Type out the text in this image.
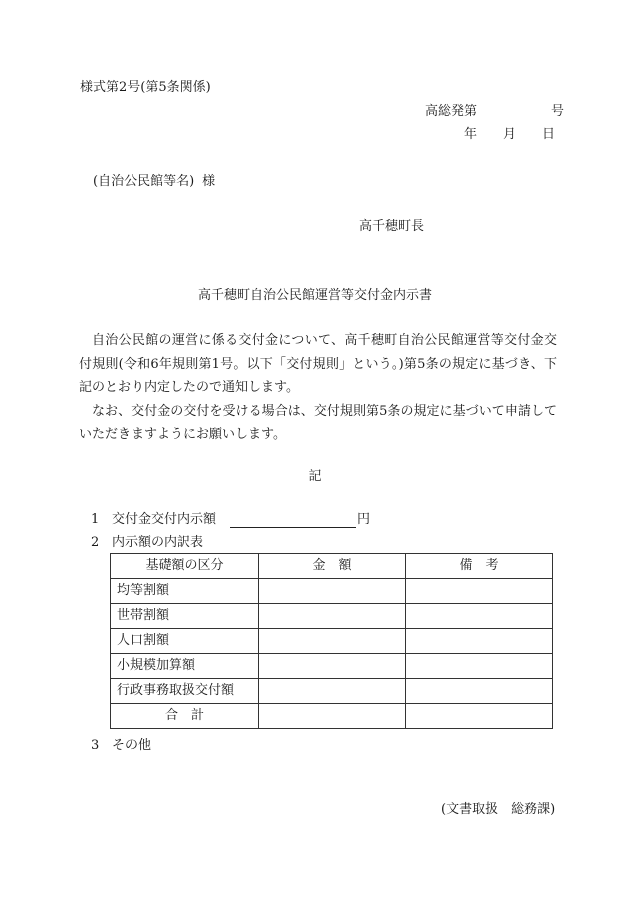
様式第2号(第5条関係)
高総発第	号
年 月 日
(自治公民館等名) 様
高千穂町長
高千穂町自治公民館運営等交付金内示書

自治公民館の運営に係る交付金について、高千穂町自治公民館運営等交付金交付規則(令和6年規則第1号。以下「交付規則」という。)第5条の規定に基づき、下記のとおり内定したので通知します。

なお、交付金の交付を受ける場合は、交付規則第5条の規定に基づいて申請していただきますようにお願いします。

記
1 交付金交付内示額	円
2 内示額の内訳表
基礎額の区分	金　額	備　考
均等割額		
世帯割額		
人口割額		
小規模加算額		
行政事務取扱交付額		
合　計		
3 その他
(文書取扱　総務課)
